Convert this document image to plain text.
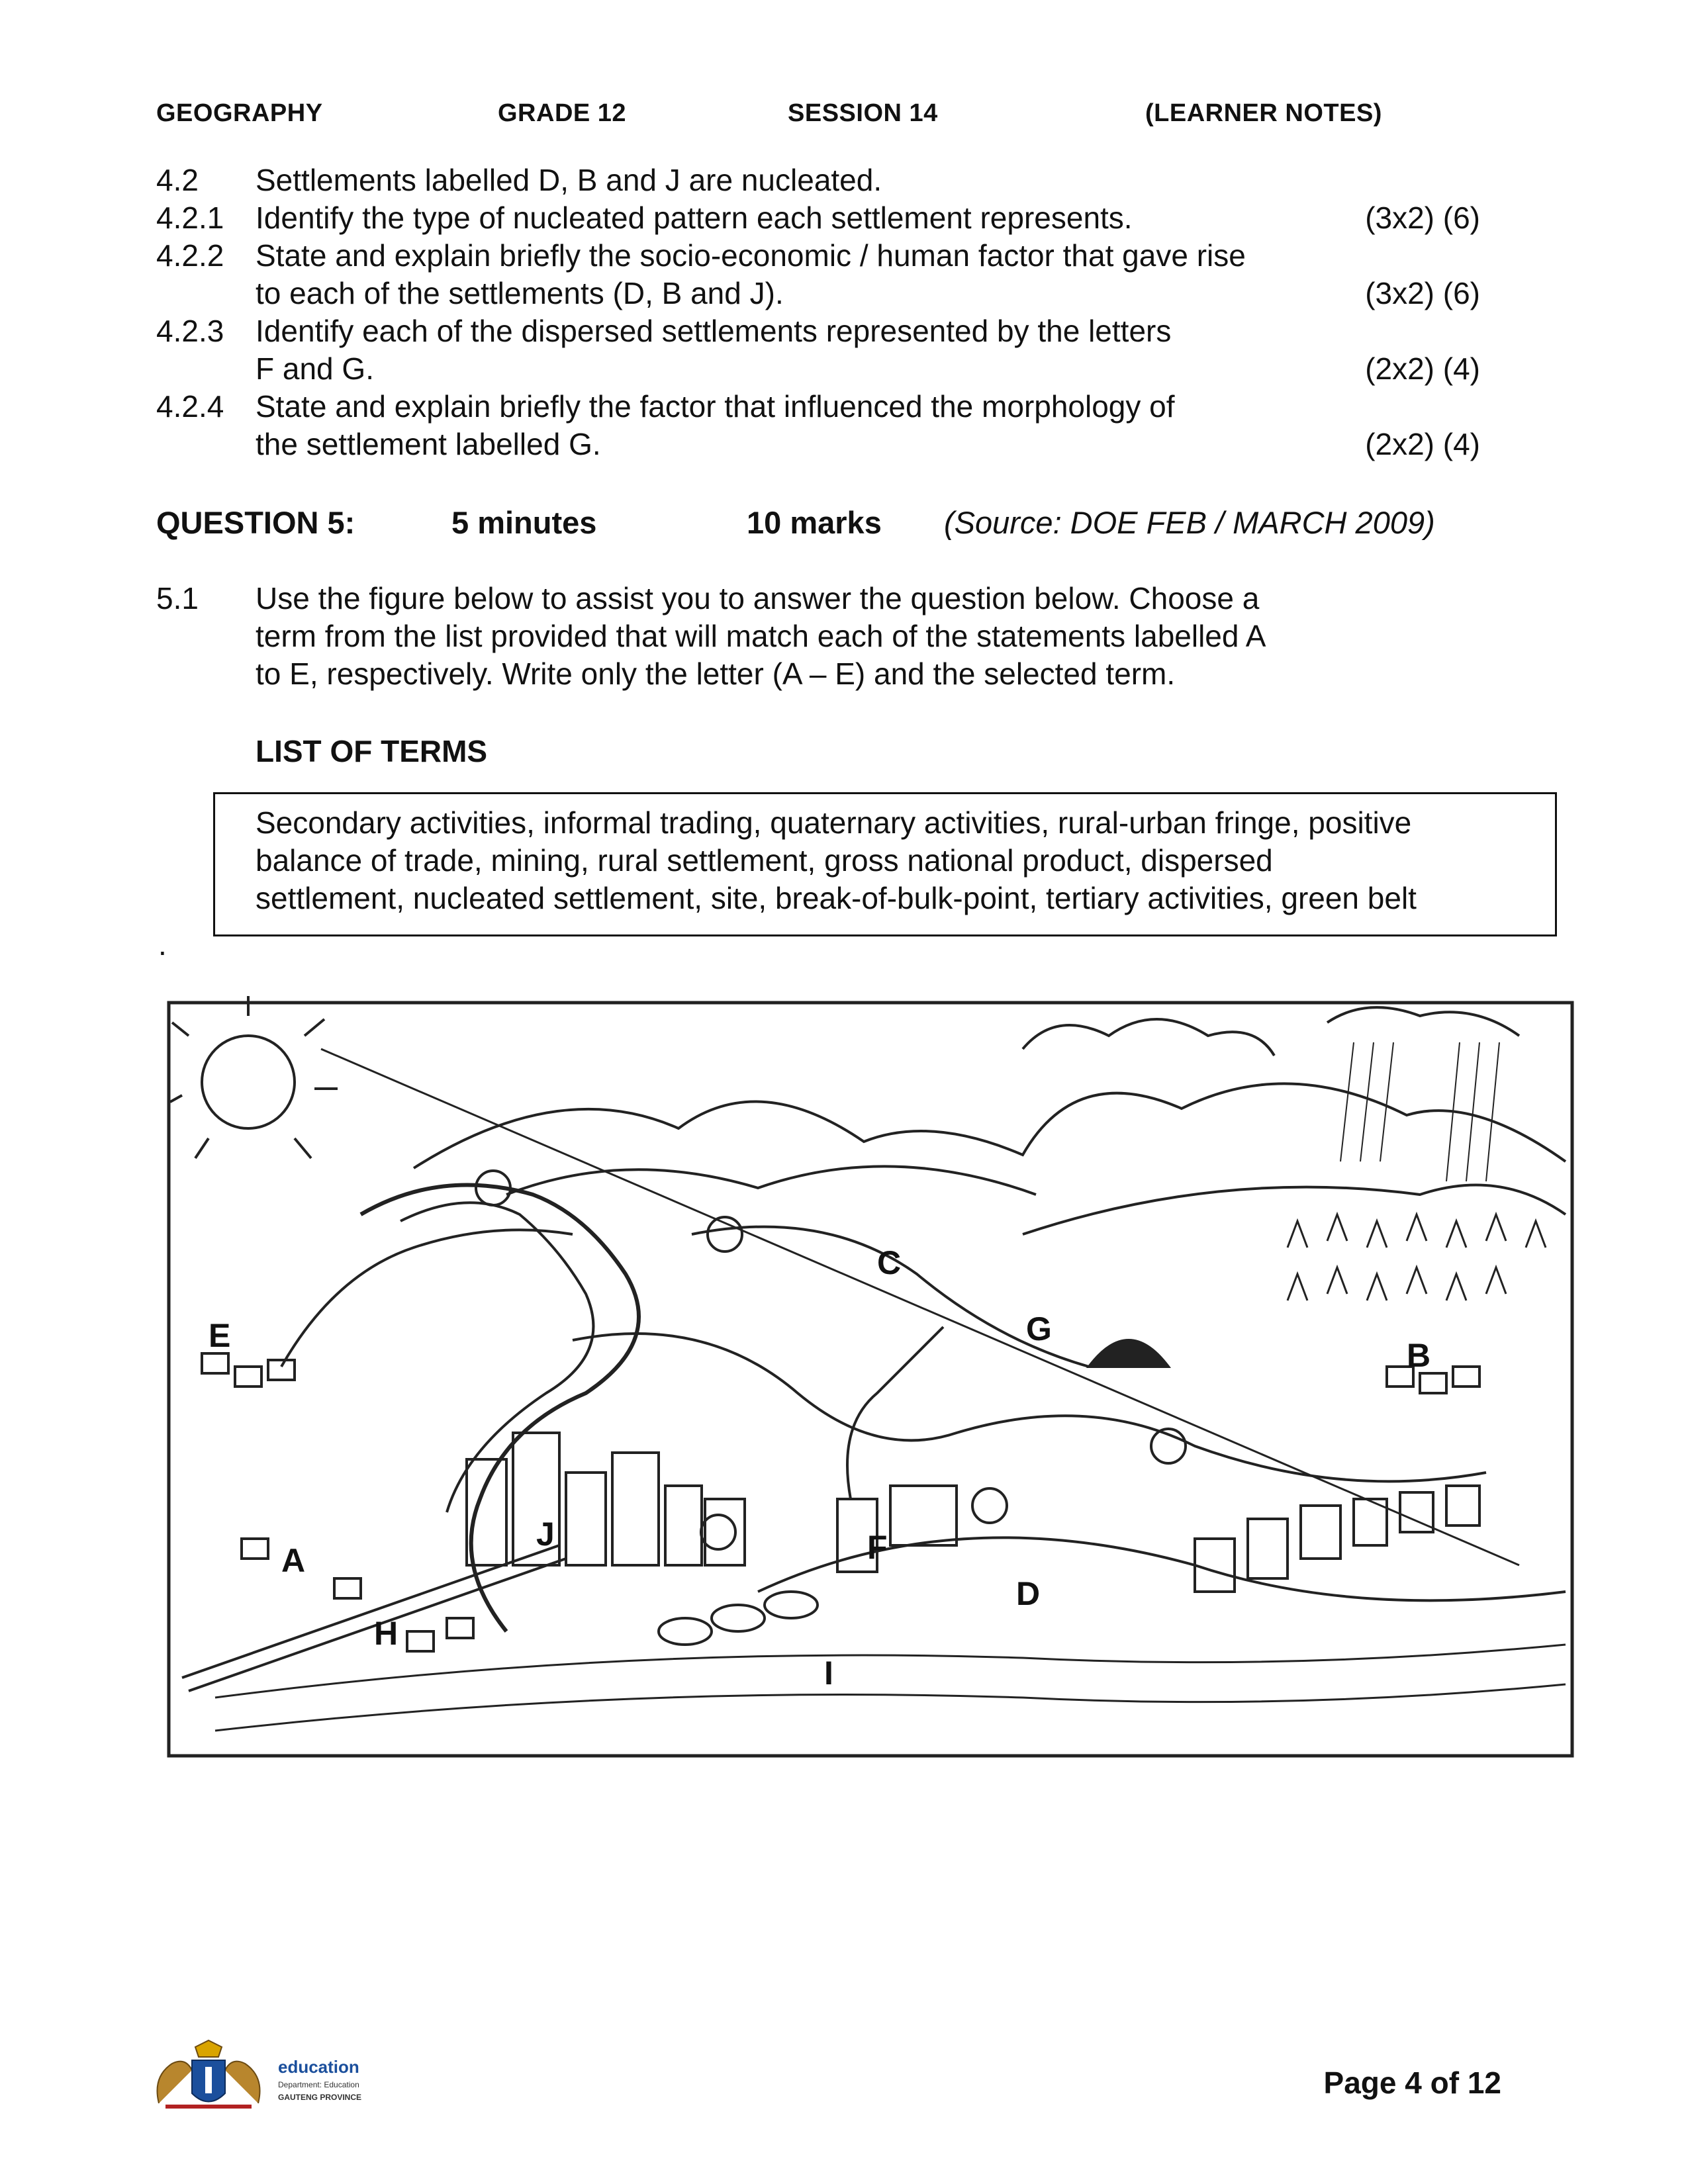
GEOGRAPHY	GRADE 12	SESSION 14	(LEARNER NOTES)
4.2 Settlements labelled D, B and J are nucleated.
4.2.1 Identify the type of nucleated pattern each settlement represents.	(3x2) (6)
4.2.2 State and explain briefly the socio-economic / human factor that gave rise
to each of the settlements (D, B and J).	(3x2) (6)
4.2.3 Identify each of the dispersed settlements represented by the letters
F and G.	(2x2) (4)
4.2.4 State and explain briefly the factor that influenced the morphology of
the settlement labelled G.	(2x2) (4)
QUESTION 5:	5 minutes	10 marks (Source: DOE FEB / MARCH 2009)
5.1 Use the figure below to assist you to answer the question below. Choose a
term from the list provided that will match each of the statements labelled A
to E, respectively. Write only the letter (A – E) and the selected term.
LIST OF TERMS
Secondary activities, informal trading, quaternary activities, rural-urban fringe, positive
balance of trade, mining, rural settlement, gross national product, dispersed
settlement, nucleated settlement, site, break-of-bulk-point, tertiary activities, green belt
.
A
B
C
D
E
F
G
H
I
J
education
Department: Education
GAUTENG PROVINCE	Page 4 of 12
